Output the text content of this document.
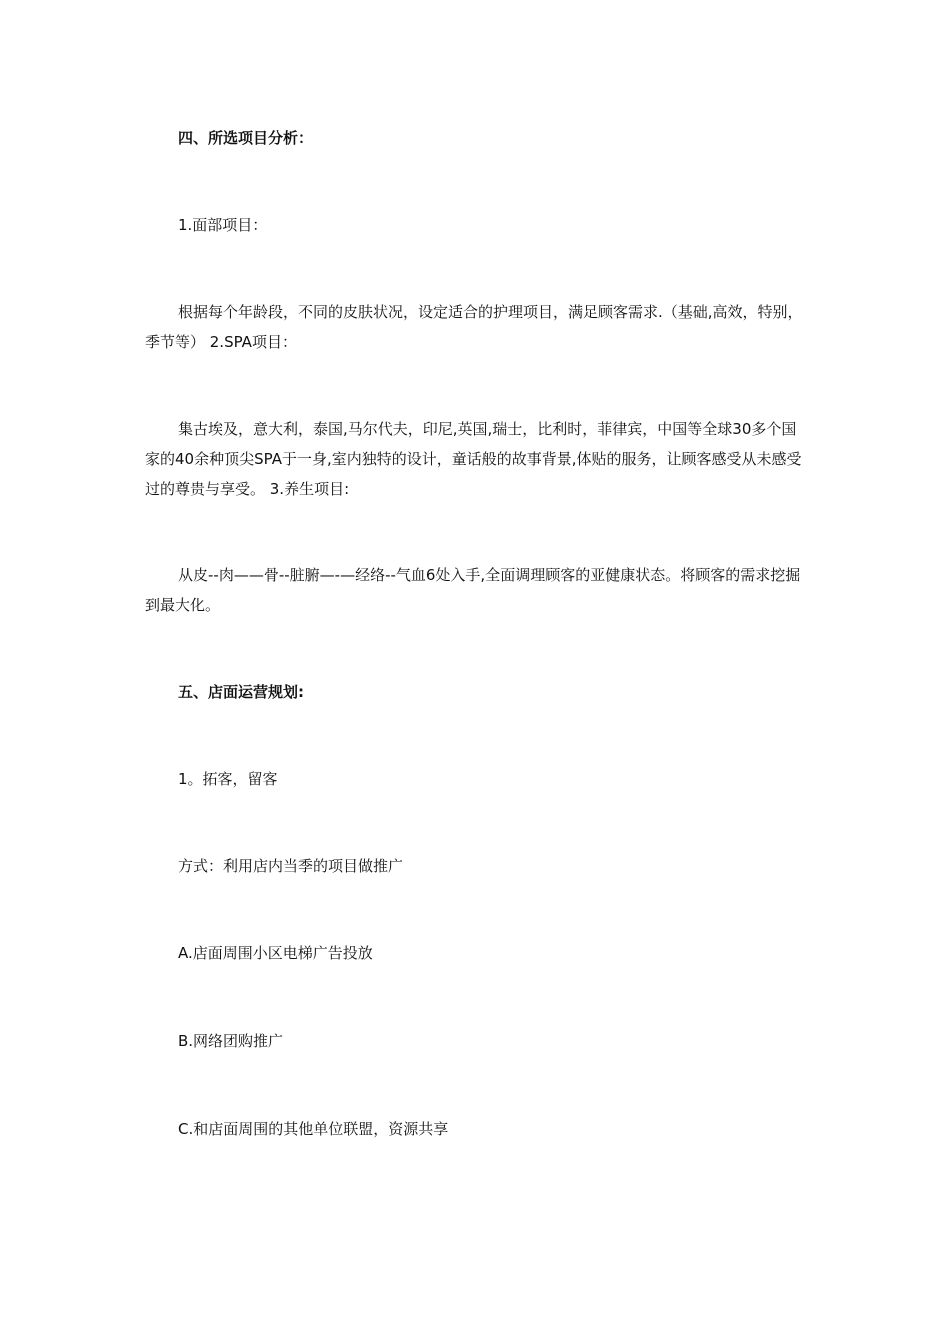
四、所选项目分析：

1.面部项目：

根据每个年龄段，不同的皮肤状况，设定适合的护理项目，满足顾客需求.（基础,高效，特别，季节等） 2.SPA项目：

集古埃及，意大利，泰国,马尔代夫，印尼,英国,瑞士，比利时，菲律宾，中国等全球30多个国家的40余种顶尖SPA于一身,室内独特的设计，童话般的故事背景,体贴的服务，让顾客感受从未感受过的尊贵与享受。 3.养生项目:

从皮--肉——骨--脏腑—-—经络--气血6处入手,全面调理顾客的亚健康状态。将顾客的需求挖掘到最大化。

五、店面运营规划:

1。拓客，留客

方式：利用店内当季的项目做推广

A.店面周围小区电梯广告投放

B.网络团购推广

C.和店面周围的其他单位联盟，资源共享
